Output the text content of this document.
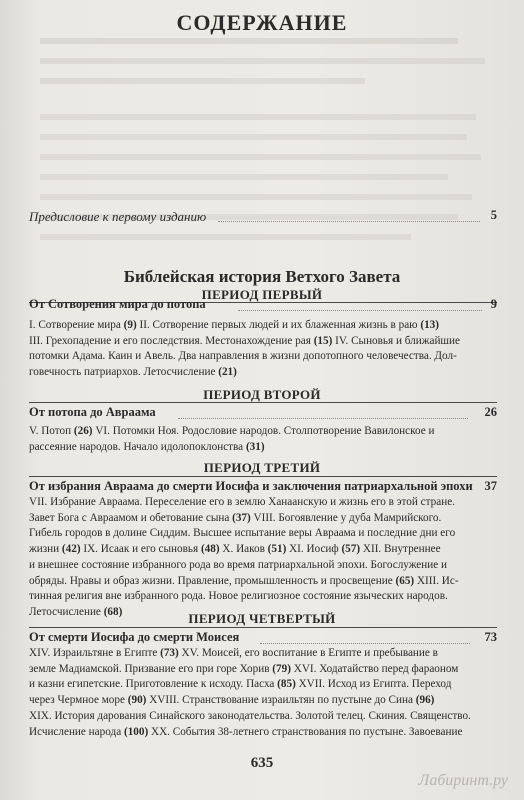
СОДЕРЖАНИЕ
Предисловие к первому изданию	5
Библейская история Ветхого Завета
ПЕРИОД ПЕРВЫЙ
От Сотворения мира до потопа	9
I. Сотворение мира (9) II. Сотворение первых людей и их блаженная жизнь в раю (13)
III. Грехопадение и его последствия. Местонахождение рая (15) IV. Сыновья и ближайшие
потомки Адама. Каин и Авель. Два направления в жизни допотопного человечества. Дол-
говечность патриархов. Летосчисление (21)
ПЕРИОД ВТОРОЙ
От потопа до Авраама	26
V. Потоп (26) VI. Потомки Ноя. Родословие народов. Столпотворение Вавилонское и
рассеяние народов. Начало идолопоклонства (31)
ПЕРИОД ТРЕТИЙ
От избрания Авраама до смерти Иосифа и заключения патриархальной эпохи 37
VII. Избрание Авраама. Переселение его в землю Ханаанскую и жизнь его в этой стране.
Завет Бога с Авраамом и обетование сына (37) VIII. Богоявление у дуба Мамрийского.
Гибель городов в долине Сиддим. Высшее испытание веры Авраама и последние дни его
жизни (42) IX. Исаак и его сыновья (48) X. Иаков (51) XI. Иосиф (57) XII. Внутреннее
и внешнее состояние избранного рода во время патриархальной эпохи. Богослужение и
обряды. Нравы и образ жизни. Правление, промышленность и просвещение (65) XIII. Ис-
тинная религия вне избранного рода. Новое религиозное состояние языческих народов.
Летосчисление (68)	ПЕРИОД ЧЕТВЕРТЫЙ
От смерти Иосифа до смерти Моисея	73
XIV. Израильтяне в Египте (73) XV. Моисей, его воспитание в Египте и пребывание в
земле Мадиамской. Призвание его при горе Хорив (79) XVI. Ходатайство перед фараоном
и казни египетские. Приготовление к исходу. Пасха (85) XVII. Исход из Египта. Переход
через Чермное море (90) XVIII. Странствование израильтян по пустыне до Сина (96)
XIX. История дарования Синайского законодательства. Золотой телец. Скиния. Священство.
Исчисление народа (100) XX. События 38-летнего странствования по пустыне. Завоевание
635
Лабиринт.ру
